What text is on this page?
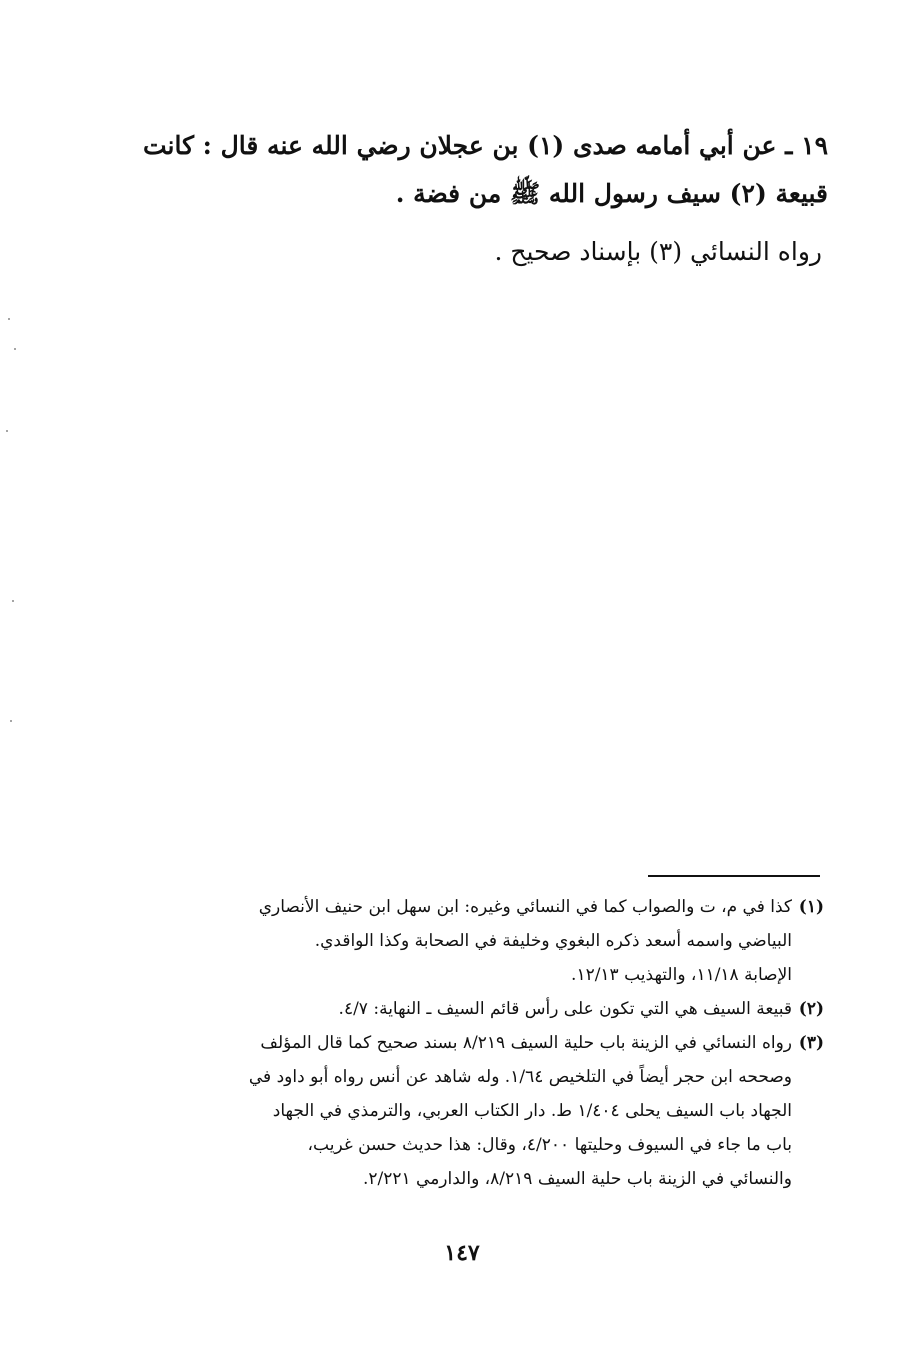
١٩ ـ عن أبي أمامه صدى (١) بن عجلان رضي الله عنه قال : كانت

قبيعة (٢) سيف رسول الله ﷺ من فضة .

رواه النسائي (٣) بإسناد صحيح .

(١)

كذا في م، ت والصواب كما في النسائي وغيره: ابن سهل ابن حنيف الأنصاري

البياضي واسمه أسعد ذكره البغوي وخليفة في الصحابة وكذا الواقدي.

الإصابة ١١/١٨، والتهذيب ١٢/١٣.

(٢)

قبيعة السيف هي التي تكون على رأس قائم السيف ـ النهاية: ٤/٧.

(٣)

رواه النسائي في الزينة باب حلية السيف ٨/٢١٩ بسند صحيح كما قال المؤلف

وصححه ابن حجر أيضاً في التلخيص ١/٦٤. وله شاهد عن أنس رواه أبو داود في

الجهاد باب السيف يحلى ١/٤٠٤ ط. دار الكتاب العربي، والترمذي في الجهاد

باب ما جاء في السيوف وحليتها ٤/٢٠٠، وقال: هذا حديث حسن غريب،

والنسائي في الزينة باب حلية السيف ٨/٢١٩، والدارمي ٢/٢٢١.

١٤٧
